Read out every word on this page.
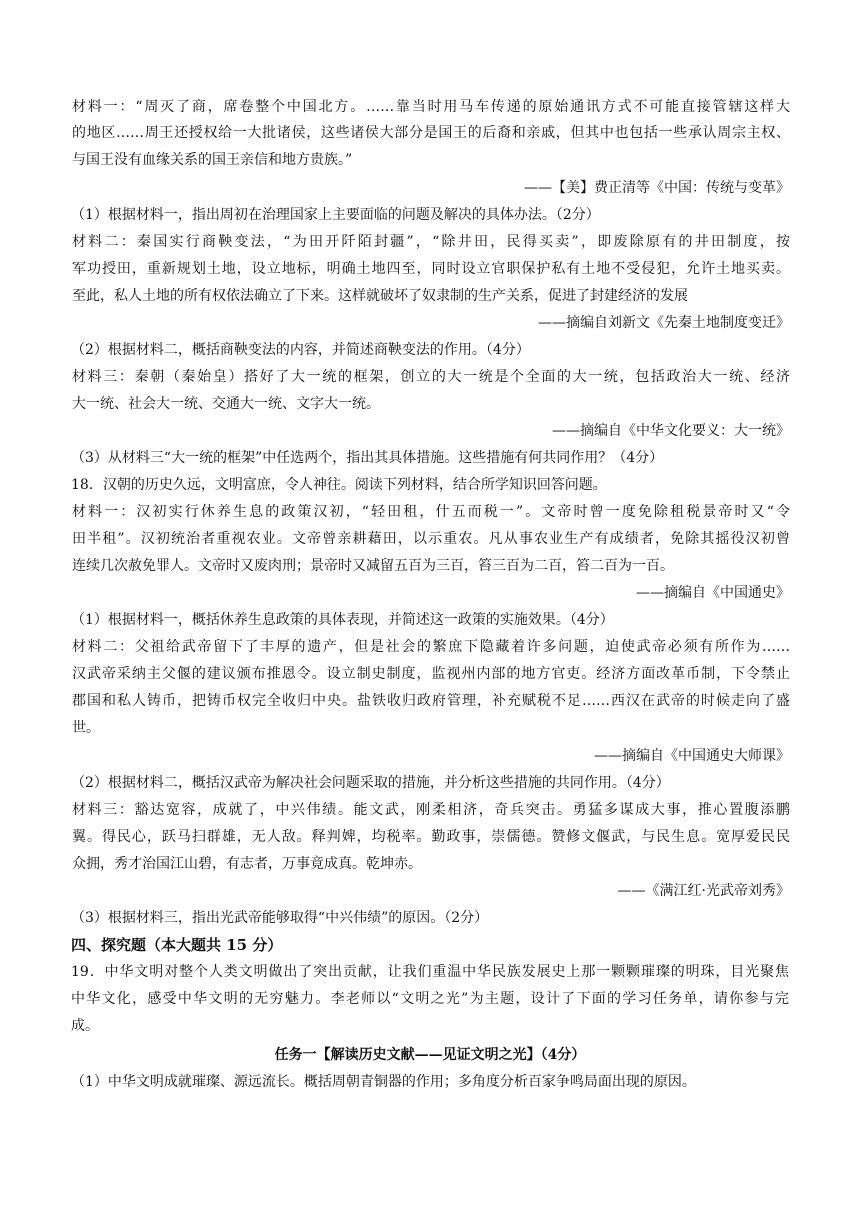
材料一：“周灭了商，席卷整个中国北方。……靠当时用马车传递的原始通讯方式不可能直接管辖这样大
的地区……周王还授权给一大批诸侯，这些诸侯大部分是国王的后裔和亲戚，但其中也包括一些承认周宗主权、
与国王没有血缘关系的国王亲信和地方贵族。”
——【美】费正清等《中国：传统与变革》
（1）根据材料一，指出周初在治理国家上主要面临的问题及解决的具体办法。（2分）
材料二：秦国实行商鞅变法，“为田开阡陌封疆”，“除井田，民得买卖”，即废除原有的井田制度，按
军功授田，重新规划土地，设立地标，明确土地四至，同时设立官职保护私有土地不受侵犯，允许土地买卖。
至此，私人土地的所有权依法确立了下来。这样就破坏了奴隶制的生产关系，促进了封建经济的发展
——摘编自刘新文《先秦土地制度变迁》
（2）根据材料二，概括商鞅变法的内容，并简述商鞅变法的作用。（4分）
材料三：秦朝（秦始皇）搭好了大一统的框架，创立的大一统是个全面的大一统，包括政治大一统、经济
大一统、社会大一统、交通大一统、文字大一统。
——摘编自《中华文化要义：大一统》
（3）从材料三“大一统的框架”中任选两个，指出其具体措施。这些措施有何共同作用？（4分）
18．汉朝的历史久远，文明富庶，令人神往。阅读下列材料，结合所学知识回答问题。
材料一：汉初实行休养生息的政策汉初，“轻田租，什五而税一”。文帝时曾一度免除租税景帝时又“令
田半租”。汉初统治者重视农业。文帝曾亲耕藉田，以示重农。凡从事农业生产有成绩者，免除其摇役汉初曾
连续几次赦免罪人。文帝时又废肉刑；景帝时又减留五百为三百，笞三百为二百，笞二百为一百。
——摘编自《中国通史》
（1）根据材料一，概括休养生息政策的具体表现，并简述这一政策的实施效果。（4分）
材料二：父祖给武帝留下了丰厚的遗产，但是社会的繁庶下隐藏着许多问题，迫使武帝必须有所作为……
汉武帝采纳主父偃的建议颁布推恩令。设立制史制度，监视州内部的地方官吏。经济方面改革币制，下令禁止
郡国和私人铸币，把铸币权完全收归中央。盐铁收归政府管理，补充赋税不足……西汉在武帝的时候走向了盛
世。
——摘编自《中国通史大师课》
（2）根据材料二，概括汉武帝为解决社会问题采取的措施，并分析这些措施的共同作用。（4分）
材料三：豁达宽容，成就了，中兴伟绩。能文武，刚柔相济，奇兵突击。勇猛多谋成大事，推心置腹添鹏
翼。得民心，跃马扫群雄，无人敌。释判婢，均税率。勤政事，崇儒德。赞修文偃武，与民生息。宽厚爱民民
众拥，秀才治国江山碧，有志者，万事竟成真。乾坤赤。
——《满江红·光武帝刘秀》
（3）根据材料三，指出光武帝能够取得“中兴伟绩”的原因。（2分）
四、探究题（本大题共 15 分）
19．中华文明对整个人类文明做出了突出贡献，让我们重温中华民族发展史上那一颗颗璀璨的明珠，目光聚焦
中华文化，感受中华文明的无穷魅力。李老师以“文明之光”为主题，设计了下面的学习任务单，请你参与完
成。
任务一【解读历史文献——见证文明之光】（4分）
（1）中华文明成就璀璨、源远流长。概括周朝青铜器的作用；多角度分析百家争鸣局面出现的原因。
